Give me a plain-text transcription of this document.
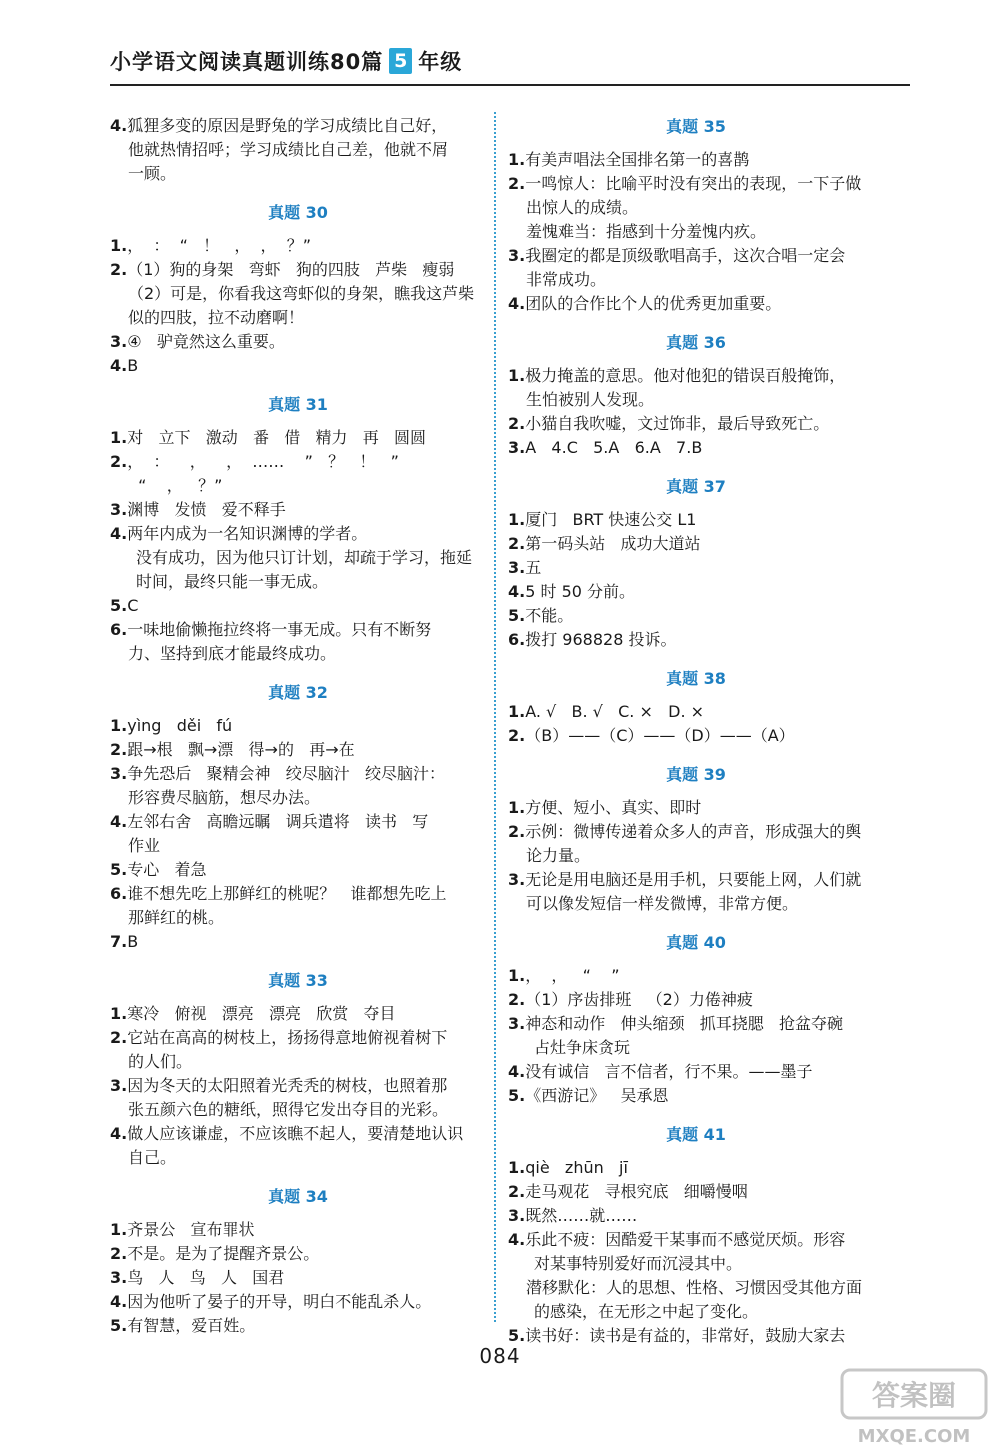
小学语文阅读真题训练80篇 5 年级
4.狐狸多变的原因是野兔的学习成绩比自己好，
他就热情招呼；学习成绩比自己差，他就不屑
一顾。
真题 30
1.，  ：  “   ！   ，  ，  ？”
2.（1）狗的身架   弯虾   狗的四肢   芦柴   瘦弱
（2）可是，你看我这弯虾似的身架，瞧我这芦柴
似的四肢，拉不动磨啊！
3.④   驴竟然这么重要。
4.B
真题 31
1.对   立下   激动   番   借   精力   再   圆圆
2.，  ：    ，    ，  ……    ”   ？   ！   ”
“    ，   ？”
3.渊博   发愤   爱不释手
4.两年内成为一名知识渊博的学者。
没有成功，因为他只订计划，却疏于学习，拖延
时间，最终只能一事无成。
5.C
6.一味地偷懒拖拉终将一事无成。只有不断努
力、坚持到底才能最终成功。
真题 32
1.yìng   děi   fú
2.跟→根   飘→漂   得→的   再→在
3.争先恐后   聚精会神   绞尽脑汁   绞尽脑汁：
形容费尽脑筋，想尽办法。
4.左邻右舍   高瞻远瞩   调兵遣将   读书   写
作业
5.专心   着急
6.谁不想先吃上那鲜红的桃呢？   谁都想先吃上
那鲜红的桃。
7.B
真题 33
1.寒冷   俯视   漂亮   漂亮   欣赏   夺目
2.它站在高高的树枝上，扬扬得意地俯视着树下
的人们。
3.因为冬天的太阳照着光秃秃的树枝，也照着那
张五颜六色的糖纸，照得它发出夺目的光彩。
4.做人应该谦虚，不应该瞧不起人，要清楚地认识
自己。
真题 34
1.齐景公   宣布罪状
2.不是。是为了提醒齐景公。
3.鸟   人   鸟   人   国君
4.因为他听了晏子的开导，明白不能乱杀人。
5.有智慧，爱百姓。
真题 35
1.有美声唱法全国排名第一的喜鹊
2.一鸣惊人：比喻平时没有突出的表现，一下子做
出惊人的成绩。
羞愧难当：指感到十分羞愧内疚。
3.我圈定的都是顶级歌唱高手，这次合唱一定会
非常成功。
4.团队的合作比个人的优秀更加重要。
真题 36
1.极力掩盖的意思。他对他犯的错误百般掩饰，
生怕被别人发现。
2.小猫自我吹嘘，文过饰非，最后导致死亡。
3.A   4.C   5.A   6.A   7.B
真题 37
1.厦门   BRT 快速公交 L1
2.第一码头站   成功大道站
3.五
4.5 时 50 分前。
5.不能。
6.拨打 968828 投诉。
真题 38
1.A. √   B. √   C. ×   D. ×
2.（B）——（C）——（D）——（A）
真题 39
1.方便、短小、真实、即时
2.示例：微博传递着众多人的声音，形成强大的舆
论力量。
3.无论是用电脑还是用手机，只要能上网，人们就
可以像发短信一样发微博，非常方便。
真题 40
1.，  ，   “    ”
2.（1）序齿排班   （2）力倦神疲
3.神态和动作   伸头缩颈   抓耳挠腮   抢盆夺碗
占灶争床贪玩
4.没有诚信   言不信者，行不果。——墨子
5.《西游记》   吴承恩
真题 41
1.qiè   zhūn   jī
2.走马观花   寻根究底   细嚼慢咽
3.既然……就……
4.乐此不疲：因酷爱干某事而不感觉厌烦。形容
对某事特别爱好而沉浸其中。
潜移默化：人的思想、性格、习惯因受其他方面
的感染，在无形之中起了变化。
5.读书好：读书是有益的，非常好，鼓励大家去
084
答案圈
MXQE.COM
